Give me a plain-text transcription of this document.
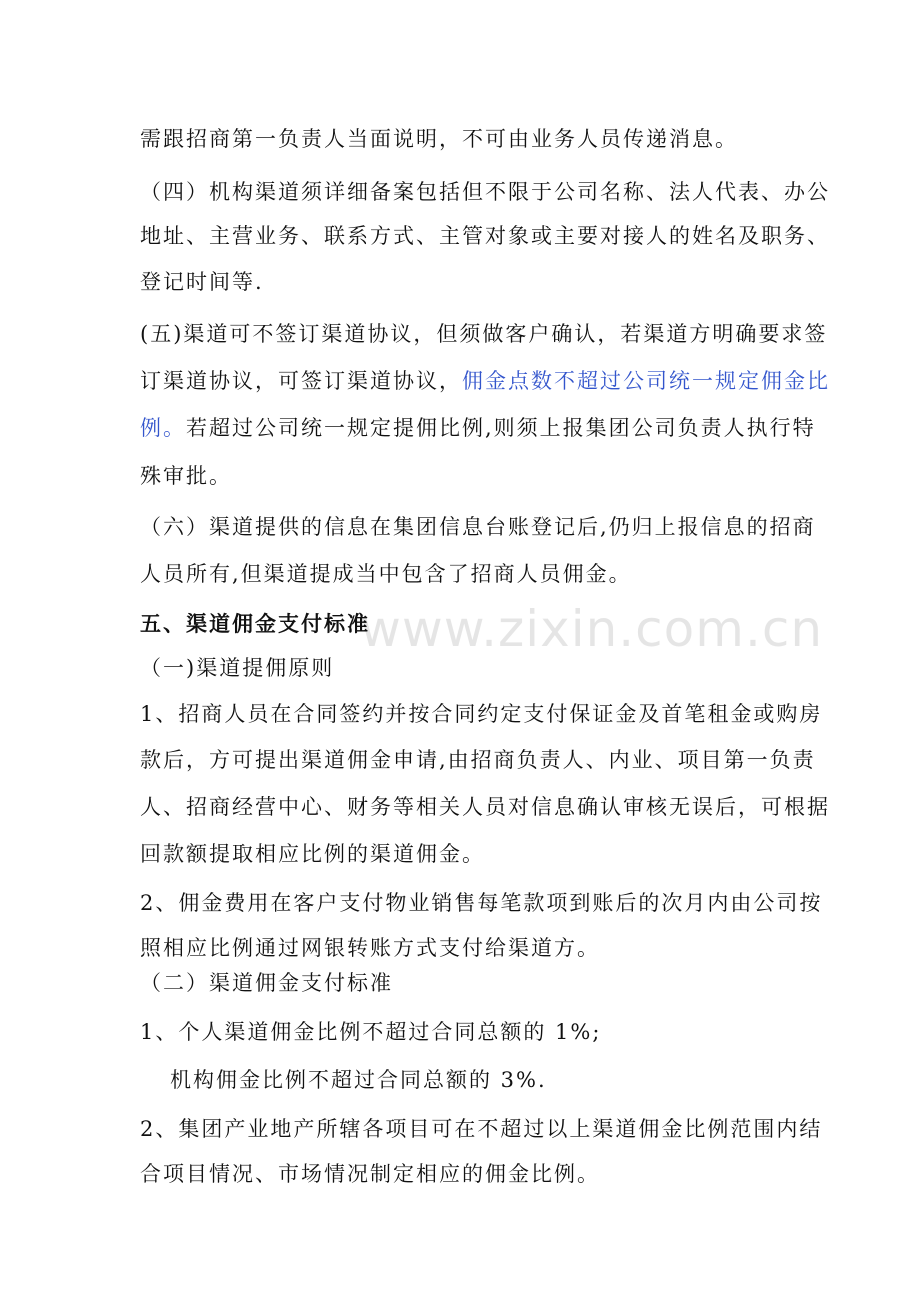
需跟招商第一负责人当面说明，不可由业务人员传递消息。
（四）机构渠道须详细备案包括但不限于公司名称、法人代表、办公
地址、主营业务、联系方式、主管对象或主要对接人的姓名及职务、
登记时间等.
(五)渠道可不签订渠道协议，但须做客户确认，若渠道方明确要求签
订渠道协议，可签订渠道协议，佣金点数不超过公司统一规定佣金比
例。若超过公司统一规定提佣比例,则须上报集团公司负责人执行特
殊审批。
（六）渠道提供的信息在集团信息台账登记后,仍归上报信息的招商
人员所有,但渠道提成当中包含了招商人员佣金。
五、渠道佣金支付标准
www.zixin.com.cn
（一)渠道提佣原则
1、招商人员在合同签约并按合同约定支付保证金及首笔租金或购房
款后，方可提出渠道佣金申请,由招商负责人、内业、项目第一负责
人、招商经营中心、财务等相关人员对信息确认审核无误后，可根据
回款额提取相应比例的渠道佣金。
2、佣金费用在客户支付物业销售每笔款项到账后的次月内由公司按
照相应比例通过网银转账方式支付给渠道方。
（二）渠道佣金支付标准
1、个人渠道佣金比例不超过合同总额的 1%;
机构佣金比例不超过合同总额的 3%.
2、集团产业地产所辖各项目可在不超过以上渠道佣金比例范围内结
合项目情况、市场情况制定相应的佣金比例。
